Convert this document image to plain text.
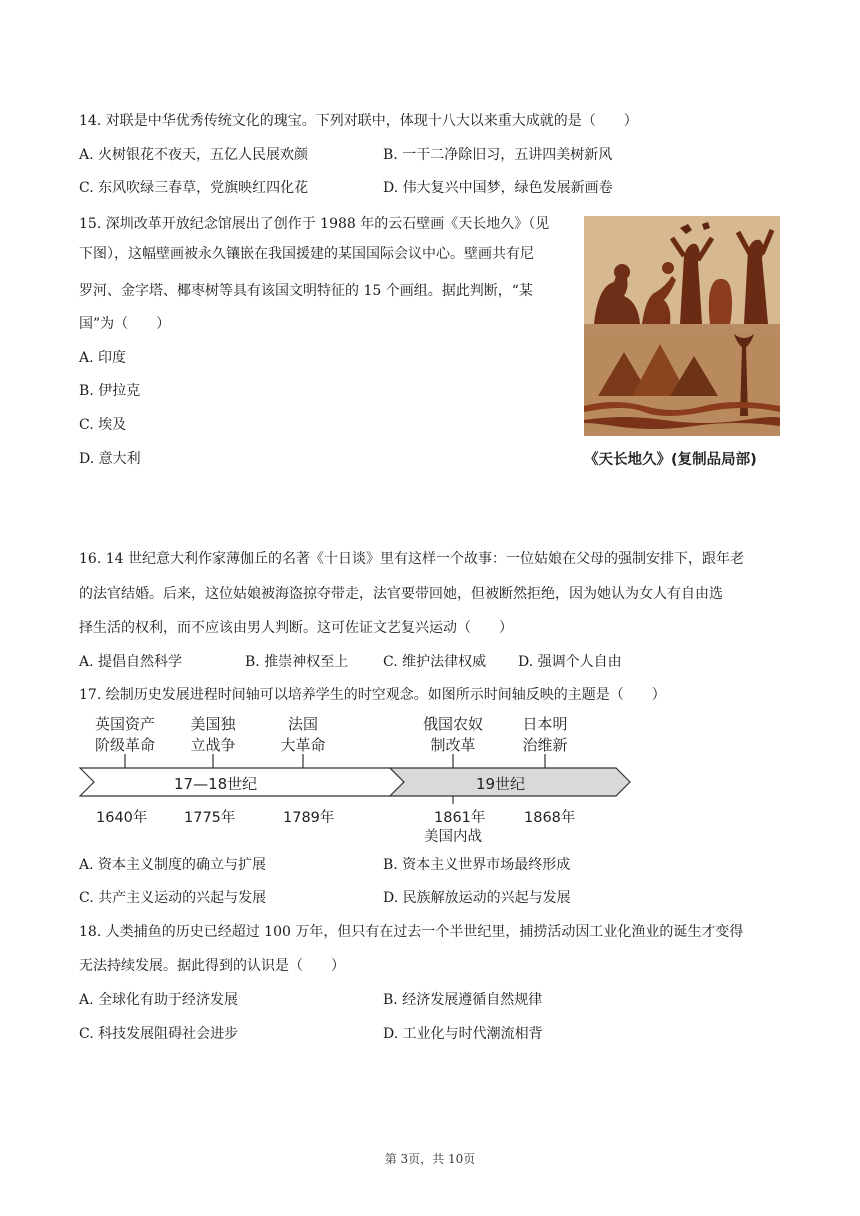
14. 对联是中华优秀传统文化的瑰宝。下列对联中，体现十八大以来重大成就的是（　　）
A. 火树银花不夜天，五亿人民展欢颜	B. 一干二净除旧习，五讲四美树新风
C. 东风吹绿三春草，党旗映红四化花	D. 伟大复兴中国梦，绿色发展新画卷
15. 深圳改革开放纪念馆展出了创作于 1988 年的云石壁画《天长地久》（见
下图），这幅壁画被永久镶嵌在我国援建的某国国际会议中心。壁画共有尼
罗河、金字塔、椰枣树等具有该国文明特征的 15 个画组。据此判断，“某
国”为（　　）
A. 印度
B. 伊拉克
C. 埃及
D. 意大利	《天长地久》(复制品局部)
16. 14 世纪意大利作家薄伽丘的名著《十日谈》里有这样一个故事：一位姑娘在父母的强制安排下，跟年老
的法官结婚。后来，这位姑娘被海盗掠夺带走，法官要带回她，但被断然拒绝，因为她认为女人有自由选
择生活的权利，而不应该由男人判断。这可佐证文艺复兴运动（　　）
A. 提倡自然科学	B. 推崇神权至上 C. 维护法律权威 D. 强调个人自由
17. 绘制历史发展进程时间轴可以培养学生的时空观念。如图所示时间轴反映的主题是（　　）
英国资产
阶级革命
美国独
立战争
法国
大革命
俄国农奴
制改革
日本明
治维新
17—18世纪	19世纪
1640年	1775年	1789年	1861年
美国内战
1868年
A. 资本主义制度的确立与扩展	B. 资本主义世界市场最终形成
C. 共产主义运动的兴起与发展	D. 民族解放运动的兴起与发展
18. 人类捕鱼的历史已经超过 100 万年，但只有在过去一个半世纪里，捕捞活动因工业化渔业的诞生才变得
无法持续发展。据此得到的认识是（　　）
A. 全球化有助于经济发展	B. 经济发展遵循自然规律
C. 科技发展阻碍社会进步	D. 工业化与时代潮流相背
第 3页，共 10页
